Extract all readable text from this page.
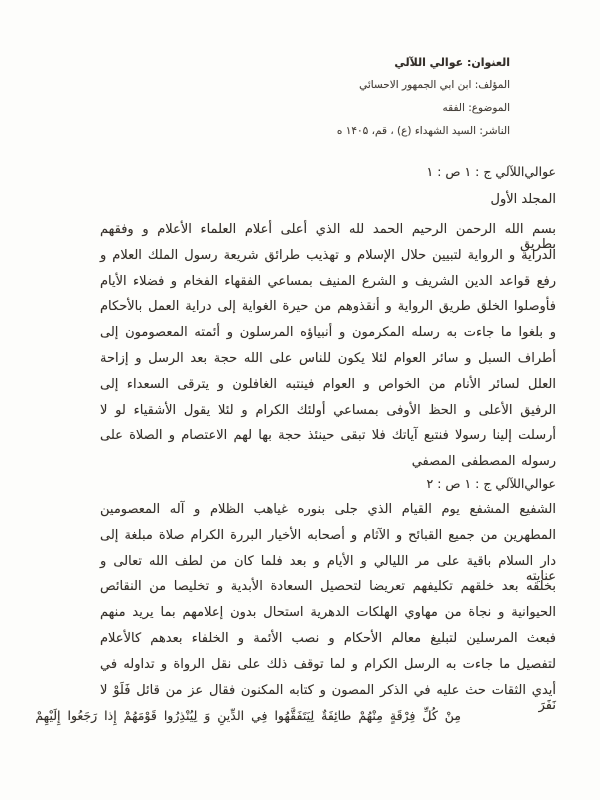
العنوان: عوالي اللآلي
المؤلف: ابن ابي الجمهور الاحسائي
الموضوع: الفقه
الناشر: السيد الشهداء (ع) ، قم، ۱۴۰۵ ه
عوالي‌اللآلي ج : ١ ص : ١
المجلد الأول
بسم الله الرحمن الرحيم الحمد لله الذي أعلى أعلام العلماء الأعلام و وفقهم بطريق
الدراية و الرواية لتبيين حلال الإسلام و تهذيب طرائق شريعة رسول الملك العلام و
رفع قواعد الدين الشريف و الشرع المنيف بمساعي الفقهاء الفخام و فضلاء الأيام
فأوصلوا الخلق طريق الرواية و أنقذوهم من حيرة الغواية إلى دراية العمل بالأحكام
و بلغوا ما جاءت به رسله المكرمون و أنبياؤه المرسلون و أئمته المعصومون إلى
أطراف السبل و سائر العوام لئلا يكون للناس على الله حجة بعد الرسل و إزاحة
العلل لسائر الأنام من الخواص و العوام فينتبه الغافلون و يترقى السعداء إلى
الرفيق الأعلى و الحظ الأوفى بمساعي أولئك الكرام و لئلا يقول الأشقياء لو لا
أرسلت إلينا رسولا فنتبع آياتك فلا تبقى حينئذ حجة بها لهم الاعتصام و الصلاة على
رسوله المصطفى المصفي
عوالي‌اللآلي ج : ١ ص : ٢
الشفيع المشفع يوم القيام الذي جلى بنوره غياهب الظلام و آله المعصومين
المطهرين من جميع القبائح و الآثام و أصحابه الأخيار البررة الكرام صلاة مبلغة إلى
دار السلام باقية على مر الليالي و الأيام و بعد فلما كان من لطف الله تعالى و عنايته
بخلقه بعد خلقهم تكليفهم تعريضا لتحصيل السعادة الأبدية و تخليصا من النقائص
الحيوانية و نجاة من مهاوي الهلكات الدهرية استحال بدون إعلامهم بما يريد منهم
فبعث المرسلين لتبليغ معالم الأحكام و نصب الأئمة و الخلفاء بعدهم كالأعلام
لتفصيل ما جاءت به الرسل الكرام و لما توقف ذلك على نقل الرواة و تداوله في
أيدي الثقات حث عليه في الذكر المصون و كتابه المكنون فقال عز من قائل فَلَوْ لا نَفَرَ
مِنْ كُلِّ فِرْقَةٍ مِنْهُمْ طائِفَةٌ لِيَتَفَقَّهُوا فِي الدِّينِ وَ لِيُنْذِرُوا قَوْمَهُمْ إِذا رَجَعُوا إِلَيْهِمْ
